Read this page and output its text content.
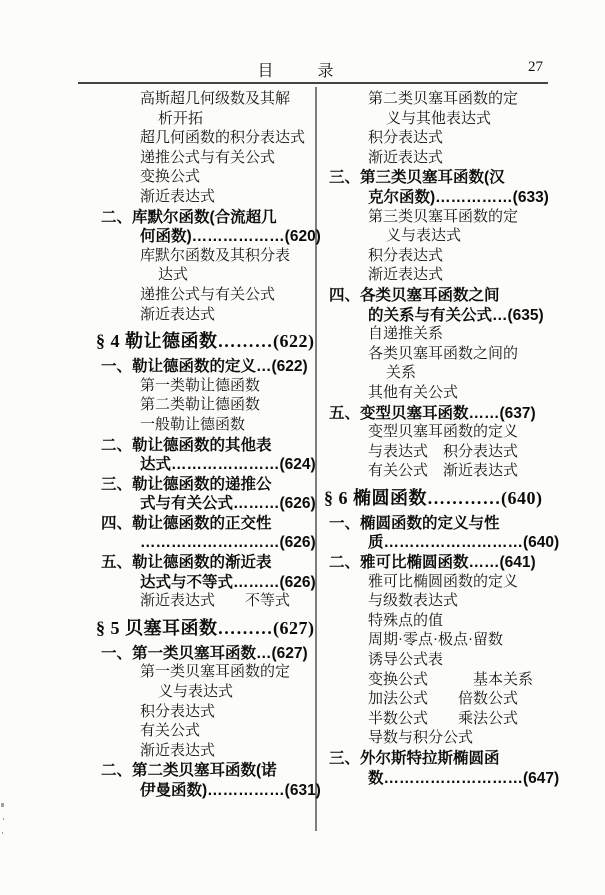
目　录	27
高斯超几何级数及其解
析开拓
超几何函数的积分表达式
递推公式与有关公式
变换公式
渐近表达式
二、库默尔函数(合流超几
何函数)………………(620)
库默尔函数及其积分表
达式
递推公式与有关公式
渐近表达式
§ 4 勒让德函数………(622)
一、勒让德函数的定义…(622)
第一类勒让德函数
第二类勒让德函数
一般勒让德函数
二、勒让德函数的其他表
达式…………………(624)
三、勒让德函数的递推公
式与有关公式………(626)
四、勒让德函数的正交性
………………………(626)
五、勒让德函数的渐近表
达式与不等式………(626)
渐近表达式　　不等式
§ 5 贝塞耳函数………(627)
一、第一类贝塞耳函数…(627)
第一类贝塞耳函数的定
义与表达式
积分表达式
有关公式
渐近表达式
二、第二类贝塞耳函数(诺
伊曼函数)……………(631)
第二类贝塞耳函数的定
义与其他表达式
积分表达式
渐近表达式
三、第三类贝塞耳函数(汉
克尔函数)……………(633)
第三类贝塞耳函数的定
义与表达式
积分表达式
渐近表达式
四、各类贝塞耳函数之间
的关系与有关公式…(635)
自递推关系
各类贝塞耳函数之间的
关系
其他有关公式
五、变型贝塞耳函数……(637)
变型贝塞耳函数的定义
与表达式　积分表达式
有关公式　渐近表达式
§ 6 椭圆函数…………(640)
一、椭圆函数的定义与性
质………………………(640)
二、雅可比椭圆函数……(641)
雅可比椭圆函数的定义
与级数表达式
特殊点的值
周期·零点·极点·留数
诱导公式表
变换公式　　　基本关系
加法公式　　倍数公式
半数公式　　乘法公式
导数与积分公式
三、外尔斯特拉斯椭圆函
数………………………(647)
